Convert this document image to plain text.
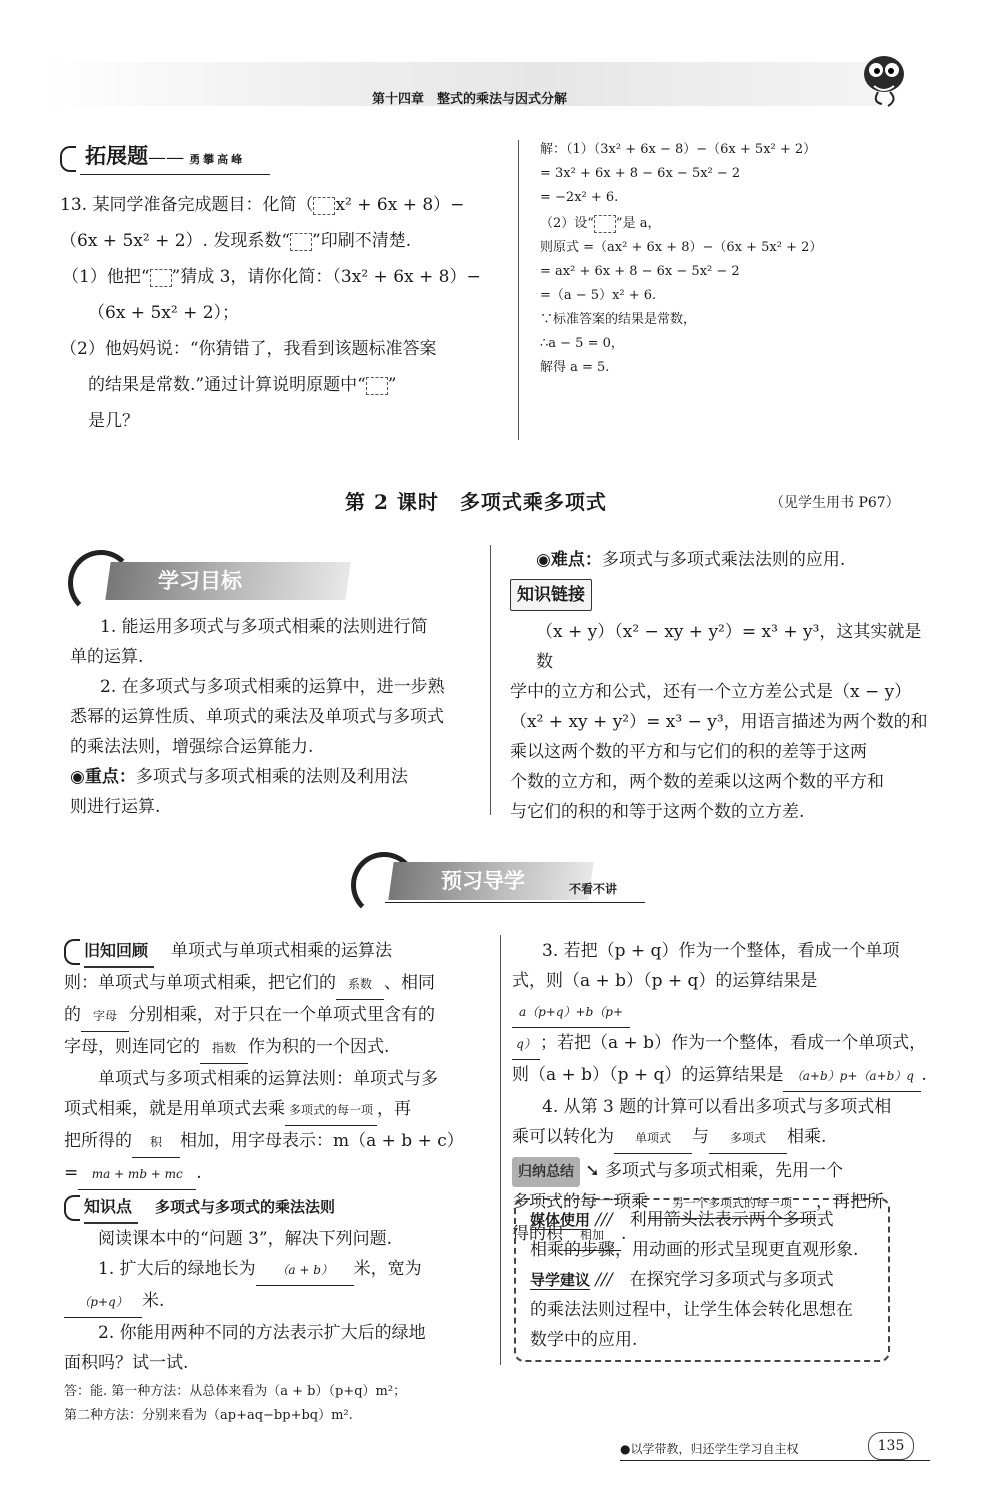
第十四章　整式的乘法与因式分解
拓展题—— 勇攀高峰
13. 某同学准备完成题目：化简（ x² + 6x + 8）−
（6x + 5x² + 2）. 发现系数“ ”印刷不清楚.
（1）他把“ ”猜成 3，请你化简：（3x² + 6x + 8）−
（6x + 5x² + 2）；
（2）他妈妈说：“你猜错了，我看到该题标准答案
的结果是常数.”通过计算说明原题中“ ”
是几？
解：（1）（3x² + 6x − 8）−（6x + 5x² + 2）
= 3x² + 6x + 8 − 6x − 5x² − 2
= −2x² + 6.
（2）设“ ”是 a，
则原式 =（ax² + 6x + 8）−（6x + 5x² + 2）
= ax² + 6x + 8 − 6x − 5x² − 2
=（a − 5）x² + 6.
∵标准答案的结果是常数，
∴a − 5 = 0，
解得 a = 5.
第 2 课时　多项式乘多项式	（见学生用书 P67）
学习目标
1. 能运用多项式与多项式相乘的法则进行简
单的运算.
2. 在多项式与多项式相乘的运算中，进一步熟
悉幂的运算性质、单项式的乘法及单项式与多项式
的乘法法则，增强综合运算能力.
◉重点：多项式与多项式相乘的法则及利用法
则进行运算.
◉难点：多项式与多项式乘法法则的应用.
知识链接
（x + y）（x² − xy + y²）= x³ + y³，这其实就是数
学中的立方和公式，还有一个立方差公式是（x − y）
（x² + xy + y²）= x³ − y³，用语言描述为两个数的和
乘以这两个数的平方和与它们的积的差等于这两
个数的立方和，两个数的差乘以这两个数的平方和
与它们的积的和等于这两个数的立方差.
预习导学	不看不讲
旧知回顾　 单项式与单项式相乘的运算法
则：单项式与单项式相乘，把它们的 系数 、相同
的 字母 分别相乘，对于只在一个单项式里含有的
字母，则连同它的 指数 作为积的一个因式.
单项式与多项式相乘的运算法则：单项式与多
项式相乘，就是用单项式去乘 多项式的每一项 ，再
把所得的 积 相加，用字母表示：m（a + b + c）
= ma + mb + mc .
知识点　 多项式与多项式的乘法法则
阅读课本中的“问题 3”，解决下列问题.
1. 扩大后的绿地长为 （a + b） 米，宽为
（p+q） 米.
2. 你能用两种不同的方法表示扩大后的绿地
面积吗？试一试.
答：能. 第一种方法：从总体来看为（a + b）（p+q）m²；
第二种方法：分别来看为（ap+aq−bp+bq）m².
3. 若把（p + q）作为一个整体，看成一个单项
式，则（a + b）（p + q）的运算结果是a（p+q）+b（p+
q） ；若把（a + b）作为一个整体，看成一个单项式，
则（a + b）（p + q）的运算结果是 （a+b）p+（a+b）q .
4. 从第 3 题的计算可以看出多项式与多项式相
乘可以转化为 单项式 与 多项式 相乘.
归纳总结 ➘ 多项式与多项式相乘，先用一个
多项式的每一项乘 另一个多项式的每一项 ，再把所
得的积 相加 .
媒体使用 ///　 利用箭头法表示两个多项式
相乘的步骤，用动画的形式呈现更直观形象.
导学建议 ///　 在探究学习多项式与多项式
的乘法法则过程中，让学生体会转化思想在
数学中的应用.
●以学带教，归还学生学习自主权	135
